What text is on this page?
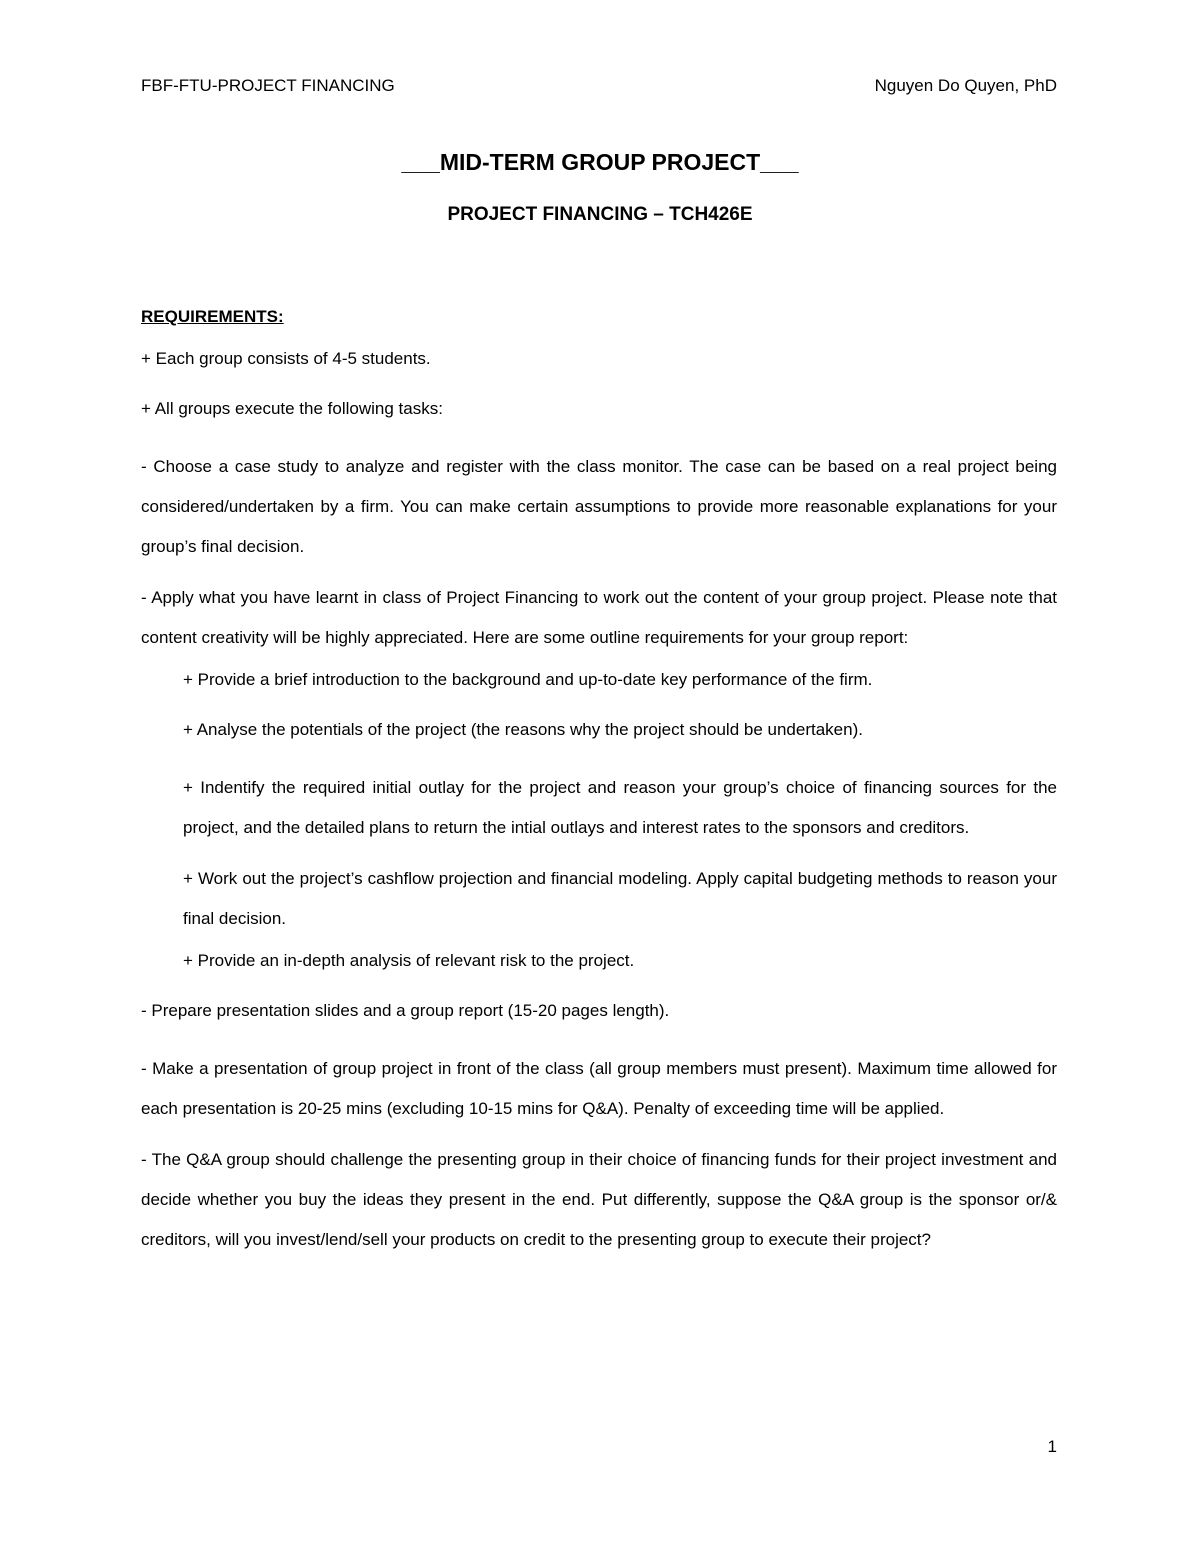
FBF-FTU-PROJECT FINANCING	Nguyen Do Quyen, PhD
___MID-TERM GROUP PROJECT___
PROJECT FINANCING – TCH426E
REQUIREMENTS:

+ Each group consists of 4-5 students.

+ All groups execute the following tasks:

- Choose a case study to analyze and register with the class monitor. The case can be based on a real project being considered/undertaken by a firm. You can make certain assumptions to provide more reasonable explanations for your group’s final decision.

- Apply what you have learnt in class of Project Financing to work out the content of your group project. Please note that content creativity will be highly appreciated. Here are some outline requirements for your group report:

+ Provide a brief introduction to the background and up-to-date key performance of the firm.

+ Analyse the potentials of the project (the reasons why the project should be undertaken).

+ Indentify the required initial outlay for the project and reason your group’s choice of financing sources for the project, and the detailed plans to return the intial outlays and interest rates to the sponsors and creditors.

+ Work out the project’s cashflow projection and financial modeling. Apply capital budgeting methods to reason your final decision.

+ Provide an in-depth analysis of relevant risk to the project.

- Prepare presentation slides and a group report (15-20 pages length).

- Make a presentation of group project in front of the class (all group members must present). Maximum time allowed for each presentation is 20-25 mins (excluding 10-15 mins for Q&A). Penalty of exceeding time will be applied.

- The Q&A group should challenge the presenting group in their choice of financing funds for their project investment and decide whether you buy the ideas they present in the end. Put differently, suppose the Q&A group is the sponsor or/& creditors, will you invest/lend/sell your products on credit to the presenting group to execute their project?

1
